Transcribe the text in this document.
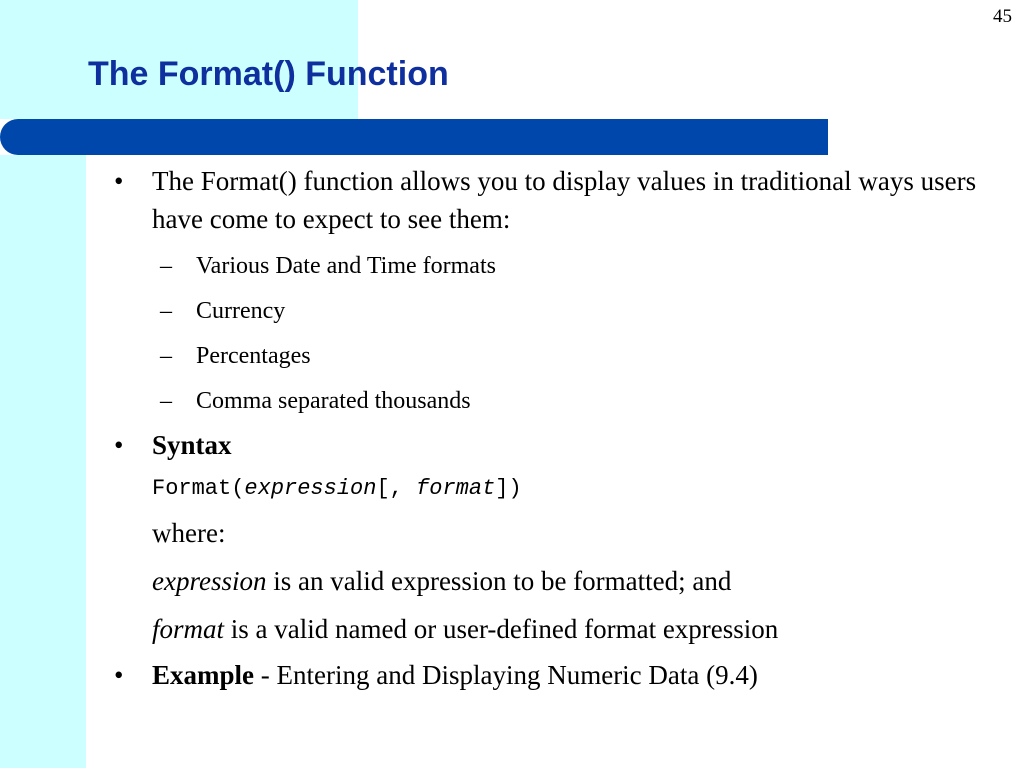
45
The Format() Function
• The Format() function allows you to display values in traditional ways users have come to expect to see them:
– Various Date and Time formats
– Currency
– Percentages
– Comma separated thousands
• Syntax
Format(expression[, format])
where:
expression is an valid expression to be formatted; and
format is a valid named or user-defined format expression
• Example - Entering and Displaying Numeric Data (9.4)
